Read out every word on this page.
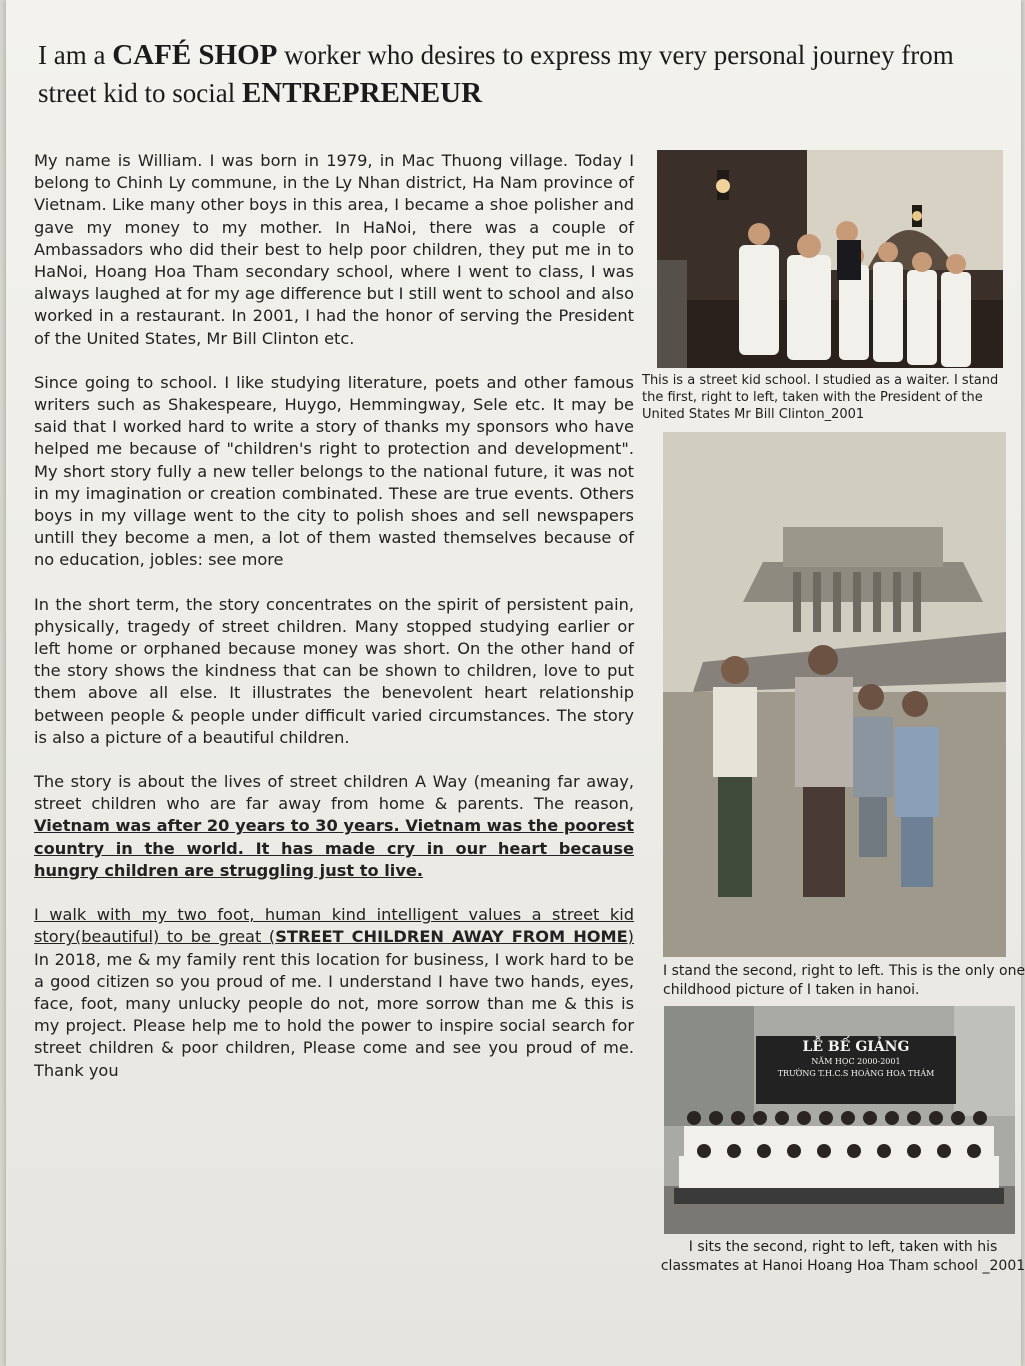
I am a CAFÉ SHOP worker who desires to express my very personal journey from street kid to social ENTREPRENEUR

My name is William. I was born in 1979, in Mac Thuong village. Today I belong to Chinh Ly commune, in the Ly Nhan district, Ha Nam province of Vietnam. Like many other boys in this area, I became a shoe polisher and gave my money to my mother. In HaNoi, there was a couple of Ambassadors who did their best to help poor children, they put me in to HaNoi, Hoang Hoa Tham secondary school, where I went to class, I was always laughed at for my age difference but I still went to school and also worked in a restaurant. In 2001, I had the honor of serving the President of the United States, Mr Bill Clinton etc.

Since going to school. I like studying literature, poets and other famous writers such as Shakespeare, Huygo, Hemmingway, Sele etc. It may be said that I worked hard to write a story of thanks my sponsors who have helped me because of "children's right to protection and development". My short story fully a new teller belongs to the national future, it was not in my imagination or creation combinated. These are true events. Others boys in my village went to the city to polish shoes and sell newspapers untill they become a men, a lot of them wasted themselves because of no education, jobles: see more

In the short term, the story concentrates on the spirit of persistent pain, physically, tragedy of street children. Many stopped studying earlier or left home or orphaned because money was short. On the other hand of the story shows the kindness that can be shown to children, love to put them above all else. It illustrates the benevolent heart relationship between people & people under difficult varied circumstances. The story is also a picture of a beautiful children.

The story is about the lives of street children A Way (meaning far away, street children who are far away from home & parents. The reason, Vietnam was after 20 years to 30 years. Vietnam was the poorest country in the world. It has made cry in our heart because hungry children are struggling just to live.

I walk with my two foot, human kind intelligent values a street kid story(beautiful) to be great (STREET CHILDREN AWAY FROM HOME) In 2018, me & my family rent this location for business, I work hard to be a good citizen so you proud of me. I understand I have two hands, eyes, face, foot, many unlucky people do not, more sorrow than me & this is my project. Please help me to hold the power to inspire social search for street children & poor children, Please come and see you proud of me. Thank you

This is a street kid school. I studied as a waiter. I stand the first, right to left, taken with the President of the United States Mr Bill Clinton_2001
I stand the second, right to left. This is the only one childhood picture of I taken in hanoi.
LỄ BẾ GIẢNG
NĂM HỌC 2000-2001
TRƯỜNG T.H.C.S HOÀNG HOA THÁM
I sits the second, right to left, taken with his classmates at Hanoi Hoang Hoa Tham school _2001
